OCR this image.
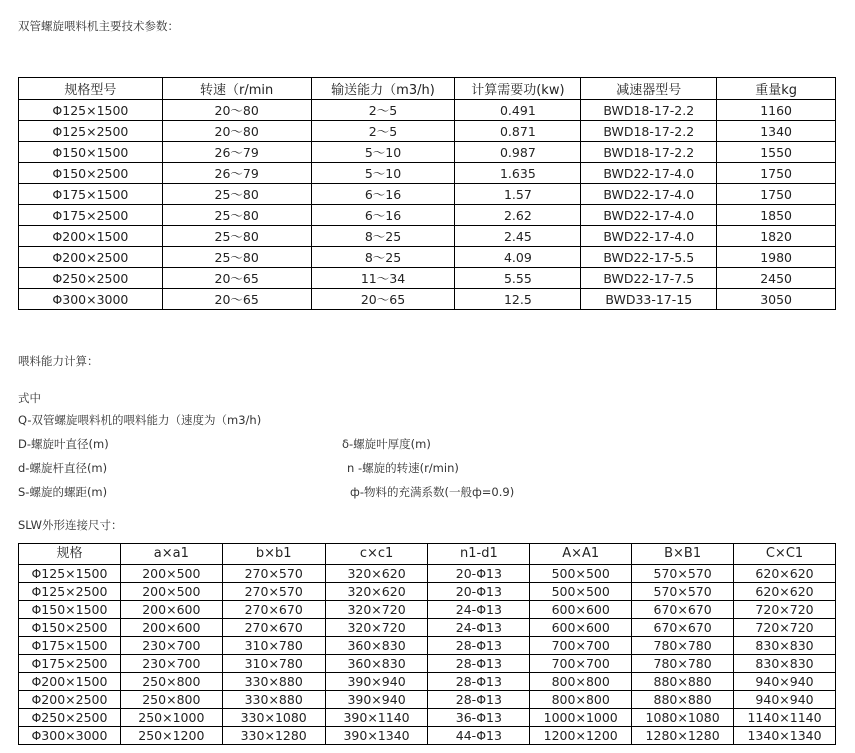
双管螺旋喂料机主要技术参数：
规格型号	转速（r/min	输送能力（m3/h)	计算需要功(kw)	减速器型号	重量kg
Φ125×1500	20～80	2～5	0.491	BWD18-17-2.2	1160
Φ125×2500	20～80	2～5	0.871	BWD18-17-2.2	1340
Φ150×1500	26～79	5～10	0.987	BWD18-17-2.2	1550
Φ150×2500	26～79	5～10	1.635	BWD22-17-4.0	1750
Φ175×1500	25～80	6～16	1.57	BWD22-17-4.0	1750
Φ175×2500	25～80	6～16	2.62	BWD22-17-4.0	1850
Φ200×1500	25～80	8～25	2.45	BWD22-17-4.0	1820
Φ200×2500	25～80	8～25	4.09	BWD22-17-5.5	1980
Φ250×2500	20～65	11～34	5.55	BWD22-17-7.5	2450
Φ300×3000	20～65	20～65	12.5	BWD33-17-15	3050
喂料能力计算：
式中
Q-双管螺旋喂料机的喂料能力（速度为（m3/h)
D-螺旋叶直径(m)	δ-螺旋叶厚度(m)
d-螺旋杆直径(m)	n -螺旋的转速(r/min)
S-螺旋的螺距(m)	ф-物料的充满系数(一般ф=0.9)
SLW外形连接尺寸：
规格	a×a1	b×b1	c×c1	n1-d1	A×A1	B×B1	C×C1
Φ125×1500	200×500	270×570	320×620	20-Φ13	500×500	570×570	620×620
Φ125×2500	200×500	270×570	320×620	20-Φ13	500×500	570×570	620×620
Φ150×1500	200×600	270×670	320×720	24-Φ13	600×600	670×670	720×720
Φ150×2500	200×600	270×670	320×720	24-Φ13	600×600	670×670	720×720
Φ175×1500	230×700	310×780	360×830	28-Φ13	700×700	780×780	830×830
Φ175×2500	230×700	310×780	360×830	28-Φ13	700×700	780×780	830×830
Φ200×1500	250×800	330×880	390×940	28-Φ13	800×800	880×880	940×940
Φ200×2500	250×800	330×880	390×940	28-Φ13	800×800	880×880	940×940
Φ250×2500	250×1000	330×1080	390×1140	36-Φ13	1000×1000	1080×1080	1140×1140
Φ300×3000	250×1200	330×1280	390×1340	44-Φ13	1200×1200	1280×1280	1340×1340
